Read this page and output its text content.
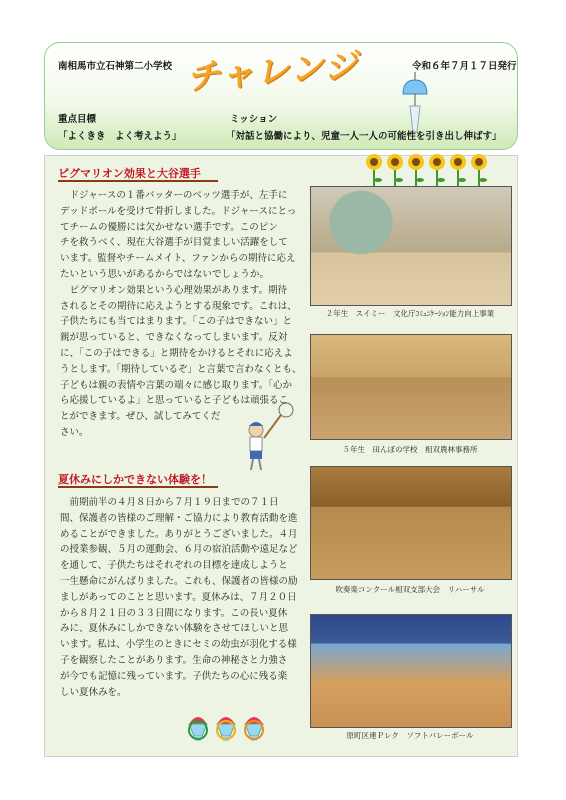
南相馬市立石神第二小学校 チャレンジ	令和６年７月１７日発行
重点目標
「よくきき　よく考えよう」
ミッション
「対話と協働により、児童一人一人の可能性を引き出し伸ばす」
ピグマリオン効果と大谷選手
　ドジャースの１番バッターのベッツ選手が、左手に
デッドボールを受けて骨折しました。ドジャースにとっ
てチームの優勝には欠かせない選手です。このピン
チを救うべく、現在大谷選手が目覚ましい活躍をして
います。監督やチームメイト、ファンからの期待に応え
たいという思いがあるからではないでしょうか。
　ピグマリオン効果という心理効果があります。期待
されるとその期待に応えようとする現象です。これは、
子供たちにも当てはまります。「この子はできない」と
親が思っていると、できなくなってしまいます。反対
に、「この子はできる」と期待をかけるとそれに応えよ
うとします。「期待しているぞ」と言葉で言わなくとも、
子どもは親の表情や言葉の端々に感じ取ります。「心か
ら応援しているよ」と思っていると子どもは頑張るこ
とができます。ぜひ、試してみてくだ
さい。
夏休みにしかできない体験を！
　前期前半の４月８日から７月１９日までの７１日
間、保護者の皆様のご理解・ご協力により教育活動を進
めることができました。ありがとうございました。４月
の授業参観、５月の運動会、６月の宿泊活動や遠足など
を通して、子供たちはそれぞれの目標を達成しようと
一生懸命にがんばりました。これも、保護者の皆様の励
ましがあってのことと思います。夏休みは、７月２０日
から８月２１日の３３日間になります。この長い夏休
みに、夏休みにしかできない体験をさせてほしいと思
います。私は、小学生のときにセミの幼虫が羽化する様
子を観察したことがあります。生命の神秘さと力強さ
が今でも記憶に残っています。子供たちの心に残る楽
しい夏休みを。
２年生　スイミー　文化庁ｺﾐｭﾆｹｰｼｮﾝ能力向上事業
５年生　田んぼの学校　相双農林事務所
吹奏楽コンクール相双支部大会　リハーサル
原町区連Ｐレク　ソフトバレーボール
